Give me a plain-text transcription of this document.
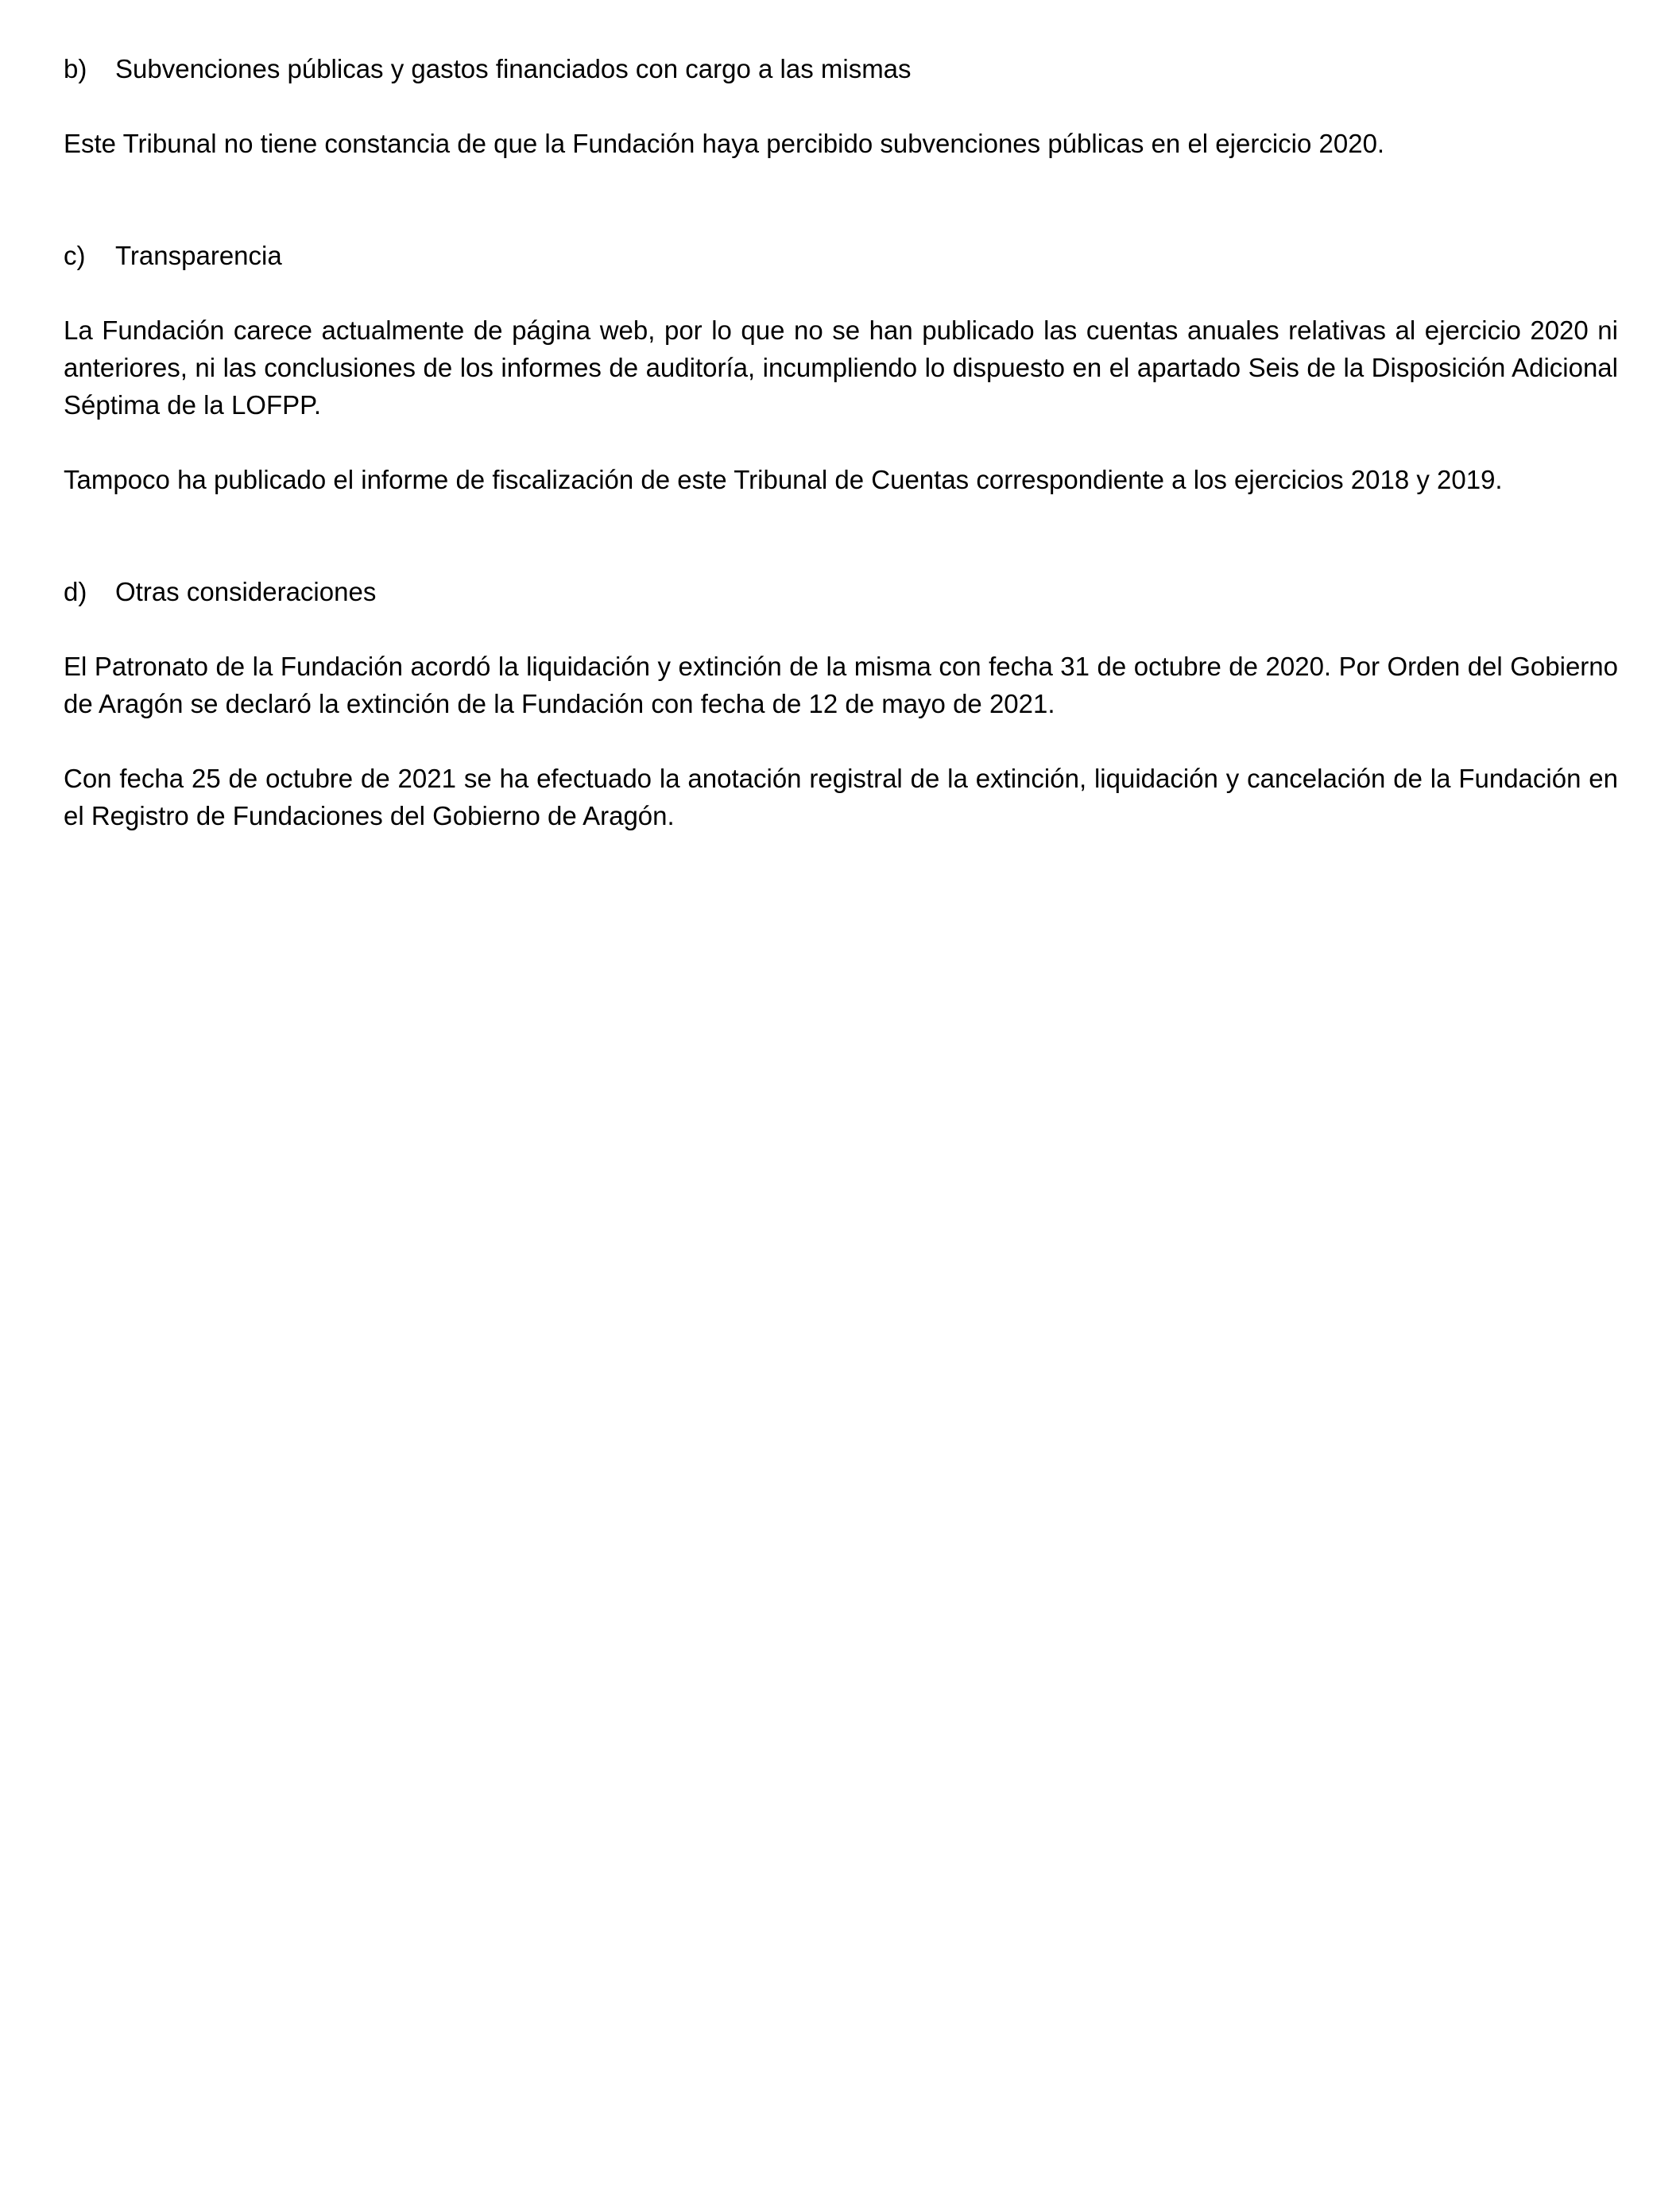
b) Subvenciones públicas y gastos financiados con cargo a las mismas

Este Tribunal no tiene constancia de que la Fundación haya percibido subvenciones públicas en el ejercicio 2020.

c) Transparencia

La Fundación carece actualmente de página web, por lo que no se han publicado las cuentas anuales relativas al ejercicio 2020 ni anteriores, ni las conclusiones de los informes de auditoría, incumpliendo lo dispuesto en el apartado Seis de la Disposición Adicional Séptima de la LOFPP.

Tampoco ha publicado el informe de fiscalización de este Tribunal de Cuentas correspondiente a los ejercicios 2018 y 2019.

d) Otras consideraciones

El Patronato de la Fundación acordó la liquidación y extinción de la misma con fecha 31 de octubre de 2020. Por Orden del Gobierno de Aragón se declaró la extinción de la Fundación con fecha de 12 de mayo de 2021.

Con fecha 25 de octubre de 2021 se ha efectuado la anotación registral de la extinción, liquidación y cancelación de la Fundación en el Registro de Fundaciones del Gobierno de Aragón.
